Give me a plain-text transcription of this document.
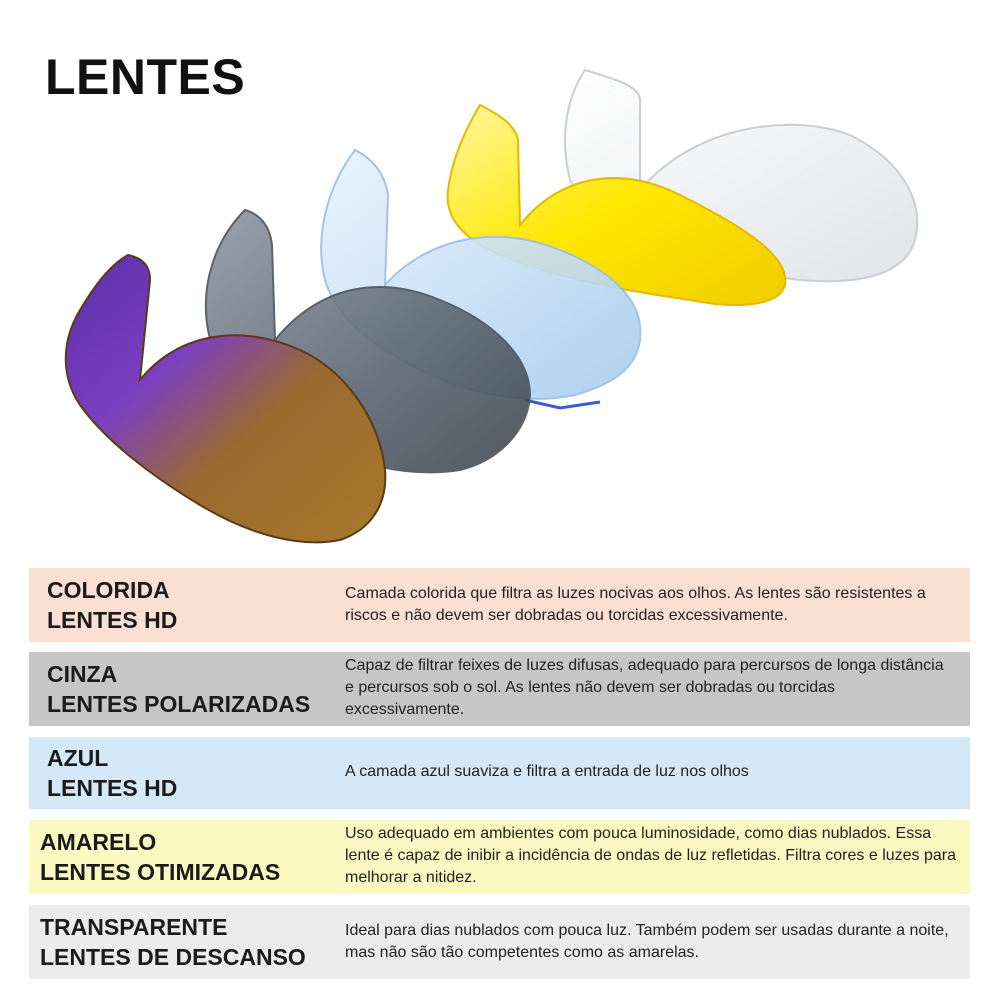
LENTES
COLORIDA
LENTES HD
Camada colorida que filtra as luzes nocivas aos olhos. As lentes são resistentes a riscos e não devem ser dobradas ou torcidas excessivamente.
CINZA
LENTES POLARIZADAS
Capaz de filtrar feixes de luzes difusas, adequado para percursos de longa distância e percursos sob o sol. As lentes não devem ser dobradas ou torcidas excessivamente.
AZUL
LENTES HD
A camada azul suaviza e filtra a entrada de luz nos olhos
AMARELO
LENTES OTIMIZADAS
Uso adequado em ambientes com pouca luminosidade, como dias nublados. Essa lente é capaz de inibir a incidência de ondas de luz refletidas. Filtra cores e luzes para melhorar a nitidez.
TRANSPARENTE
LENTES DE DESCANSO
Ideal para dias nublados com pouca luz. Também podem ser usadas durante a noite, mas não são tão competentes como as amarelas.
